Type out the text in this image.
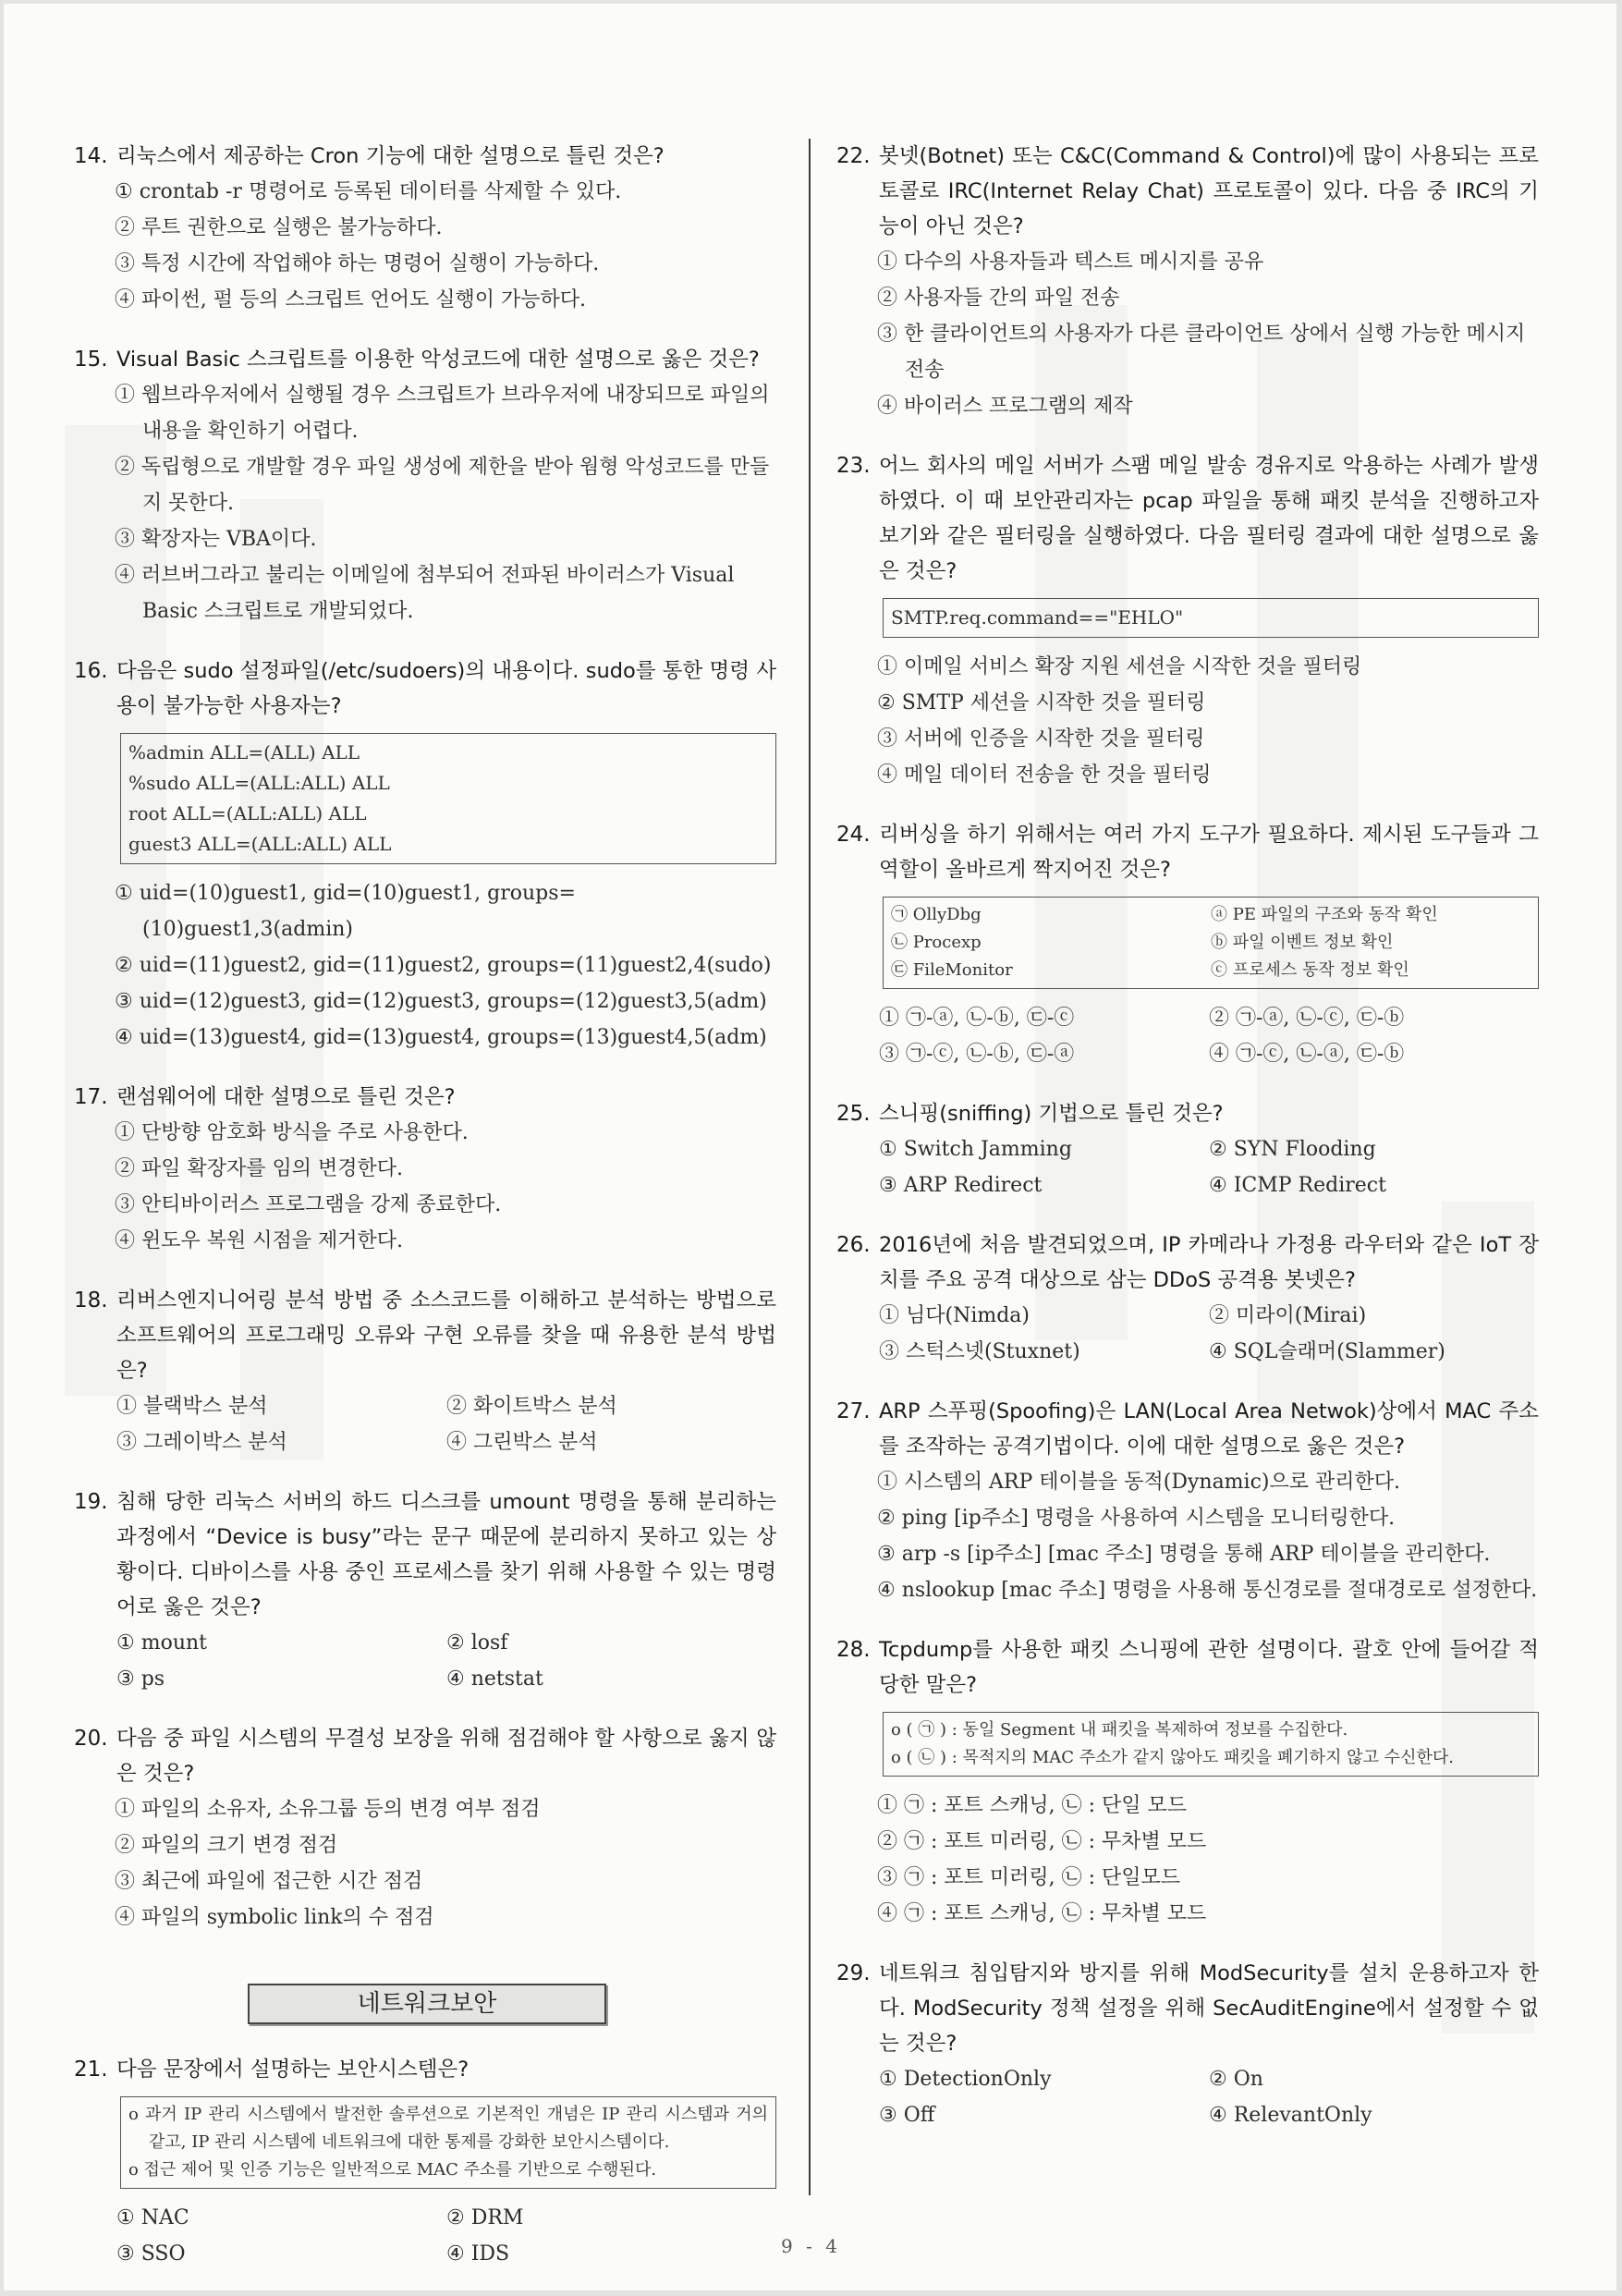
14. 리눅스에서 제공하는 Cron 기능에 대한 설명으로 틀린 것은?
① crontab -r 명령어로 등록된 데이터를 삭제할 수 있다.
② 루트 권한으로 실행은 불가능하다.
③ 특정 시간에 작업해야 하는 명령어 실행이 가능하다.
④ 파이썬, 펄 등의 스크립트 언어도 실행이 가능하다.
15. Visual Basic 스크립트를 이용한 악성코드에 대한 설명으로 옳은 것은?
① 웹브라우저에서 실행될 경우 스크립트가 브라우저에 내장되므로 파일의 내용을 확인하기 어렵다.
② 독립형으로 개발할 경우 파일 생성에 제한을 받아 웜형 악성코드를 만들지 못한다.
③ 확장자는 VBA이다.
④ 러브버그라고 불리는 이메일에 첨부되어 전파된 바이러스가 Visual Basic 스크립트로 개발되었다.
16. 다음은 sudo 설정파일(/etc/sudoers)의 내용이다. sudo를 통한 명령 사용이 불가능한 사용자는?
%admin ALL=(ALL) ALL
%sudo ALL=(ALL:ALL) ALL
root ALL=(ALL:ALL) ALL
guest3 ALL=(ALL:ALL) ALL
① uid=(10)guest1, gid=(10)guest1, groups=(10)guest1,3(admin)
② uid=(11)guest2, gid=(11)guest2, groups=(11)guest2,4(sudo)
③ uid=(12)guest3, gid=(12)guest3, groups=(12)guest3,5(adm)
④ uid=(13)guest4, gid=(13)guest4, groups=(13)guest4,5(adm)
17. 랜섬웨어에 대한 설명으로 틀린 것은?
① 단방향 암호화 방식을 주로 사용한다.
② 파일 확장자를 임의 변경한다.
③ 안티바이러스 프로그램을 강제 종료한다.
④ 윈도우 복원 시점을 제거한다.
18. 리버스엔지니어링 분석 방법 중 소스코드를 이해하고 분석하는 방법으로 소프트웨어의 프로그래밍 오류와 구현 오류를 찾을 때 유용한 분석 방법은?
① 블랙박스 분석	② 화이트박스 분석
③ 그레이박스 분석	④ 그린박스 분석
19. 침해 당한 리눅스 서버의 하드 디스크를 umount 명령을 통해 분리하는 과정에서 “Device is busy”라는 문구 때문에 분리하지 못하고 있는 상황이다. 디바이스를 사용 중인 프로세스를 찾기 위해 사용할 수 있는 명령어로 옳은 것은?
① mount	② losf
③ ps	④ netstat
20. 다음 중 파일 시스템의 무결성 보장을 위해 점검해야 할 사항으로 옳지 않은 것은?
① 파일의 소유자, 소유그룹 등의 변경 여부 점검
② 파일의 크기 변경 점검
③ 최근에 파일에 접근한 시간 점검
④ 파일의 symbolic link의 수 점검
네트워크보안
21. 다음 문장에서 설명하는 보안시스템은?
o 과거 IP 관리 시스템에서 발전한 솔루션으로 기본적인 개념은 IP 관리 시스템과 거의 같고, IP 관리 시스템에 네트워크에 대한 통제를 강화한 보안시스템이다.
o 접근 제어 및 인증 기능은 일반적으로 MAC 주소를 기반으로 수행된다.
① NAC	② DRM
③ SSO	④ IDS
22. 봇넷(Botnet) 또는 C&C(Command & Control)에 많이 사용되는 프로토콜로 IRC(Internet Relay Chat) 프로토콜이 있다. 다음 중 IRC의 기능이 아닌 것은?
① 다수의 사용자들과 텍스트 메시지를 공유
② 사용자들 간의 파일 전송
③ 한 클라이언트의 사용자가 다른 클라이언트 상에서 실행 가능한 메시지 전송
④ 바이러스 프로그램의 제작
23. 어느 회사의 메일 서버가 스팸 메일 발송 경유지로 악용하는 사례가 발생하였다. 이 때 보안관리자는 pcap 파일을 통해 패킷 분석을 진행하고자 보기와 같은 필터링을 실행하였다. 다음 필터링 결과에 대한 설명으로 옳은 것은?
SMTP.req.command=="EHLO"
① 이메일 서비스 확장 지원 세션을 시작한 것을 필터링
② SMTP 세션을 시작한 것을 필터링
③ 서버에 인증을 시작한 것을 필터링
④ 메일 데이터 전송을 한 것을 필터링
24. 리버싱을 하기 위해서는 여러 가지 도구가 필요하다. 제시된 도구들과 그 역할이 올바르게 짝지어진 것은?
㉠ OllyDbg	ⓐ PE 파일의 구조와 동작 확인
㉡ Procexp	ⓑ 파일 이벤트 정보 확인
㉢ FileMonitor	ⓒ 프로세스 동작 정보 확인
① ㉠-ⓐ, ㉡-ⓑ, ㉢-ⓒ	② ㉠-ⓐ, ㉡-ⓒ, ㉢-ⓑ
③ ㉠-ⓒ, ㉡-ⓑ, ㉢-ⓐ	④ ㉠-ⓒ, ㉡-ⓐ, ㉢-ⓑ
25. 스니핑(sniffing) 기법으로 틀린 것은?
① Switch Jamming	② SYN Flooding
③ ARP Redirect	④ ICMP Redirect
26. 2016년에 처음 발견되었으며, IP 카메라나 가정용 라우터와 같은 IoT 장치를 주요 공격 대상으로 삼는 DDoS 공격용 봇넷은?
① 님다(Nimda)	② 미라이(Mirai)
③ 스턱스넷(Stuxnet)	④ SQL슬래머(Slammer)
27. ARP 스푸핑(Spoofing)은 LAN(Local Area Netwok)상에서 MAC 주소를 조작하는 공격기법이다. 이에 대한 설명으로 옳은 것은?
① 시스템의 ARP 테이블을 동적(Dynamic)으로 관리한다.
② ping [ip주소] 명령을 사용하여 시스템을 모니터링한다.
③ arp -s [ip주소] [mac 주소] 명령을 통해 ARP 테이블을 관리한다.
④ nslookup [mac 주소] 명령을 사용해 통신경로를 절대경로로 설정한다.
28. Tcpdump를 사용한 패킷 스니핑에 관한 설명이다. 괄호 안에 들어갈 적당한 말은?
o ( ㉠ ) : 동일 Segment 내 패킷을 복제하여 정보를 수집한다.
o ( ㉡ ) : 목적지의 MAC 주소가 같지 않아도 패킷을 폐기하지 않고 수신한다.
① ㉠ : 포트 스캐닝, ㉡ : 단일 모드
② ㉠ : 포트 미러링, ㉡ : 무차별 모드
③ ㉠ : 포트 미러링, ㉡ : 단일모드
④ ㉠ : 포트 스캐닝, ㉡ : 무차별 모드
29. 네트워크 침입탐지와 방지를 위해 ModSecurity를 설치 운용하고자 한다. ModSecurity 정책 설정을 위해 SecAuditEngine에서 설정할 수 없는 것은?
① DetectionOnly	② On
③ Off	④ RelevantOnly
9 - 4
